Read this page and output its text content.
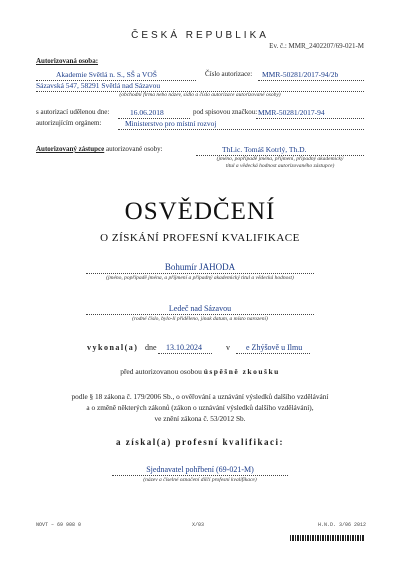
ČESKÁ REPUBLIKA
Ev. č.: MMR_2402207/69-021-M
Autorizovaná osoba:
Akademie Světlá n. S., SŠ a VOŠ	Číslo autorizace: MMR-50281/2017-94/2b
Sázavská 547, 58291 Světlá nad Sázavou
(obchodní firma nebo název, sídlo a číslo autorizace autorizované osoby)
s autorizací udělenou dne:	16.06.2018	pod spisovou značkou: MMR-50281/2017-94
autorizujícím orgánem:	Ministerstvo pro místní rozvoj
Autorizovaný zástupce autorizované osoby:	ThLic. Tomáš Kotrlý, Th.D.
(jméno, popřípadě jména, příjmení, případný akademický
titul a vědecká hodnost autorizovaného zástupce)
OSVĚDČENÍ
O ZÍSKÁNÍ PROFESNÍ KVALIFIKACE
Bohumír JAHODA
(jméno, popřípadě jména, a příjmení a případný akademický titul a vědecká hodnost)
Ledeč nad Sázavou
(rodné číslo, bylo-li přiděleno, jinak datum, a místo narození)
vykonal(a) dne 13.10.2024	v e Zhýšově u Ilmu
před autorizovanou osobou úspěšně zkoušku
podle § 18 zákona č. 179/2006 Sb., o ověřování a uznávání výsledků dalšího vzdělávání
a o změně některých zákonů (zákon o uznávání výsledků dalšího vzdělávání),
ve znění zákona č. 53/2012 Sb.
a získal(a) profesní kvalifikaci:
Sjednavatel pohřbení (69-021-M)
(název a číselné označení dílčí profesní kvalifikace)
NOVT – 69 908 0	X/03	H.N.D. 3/06 2012
